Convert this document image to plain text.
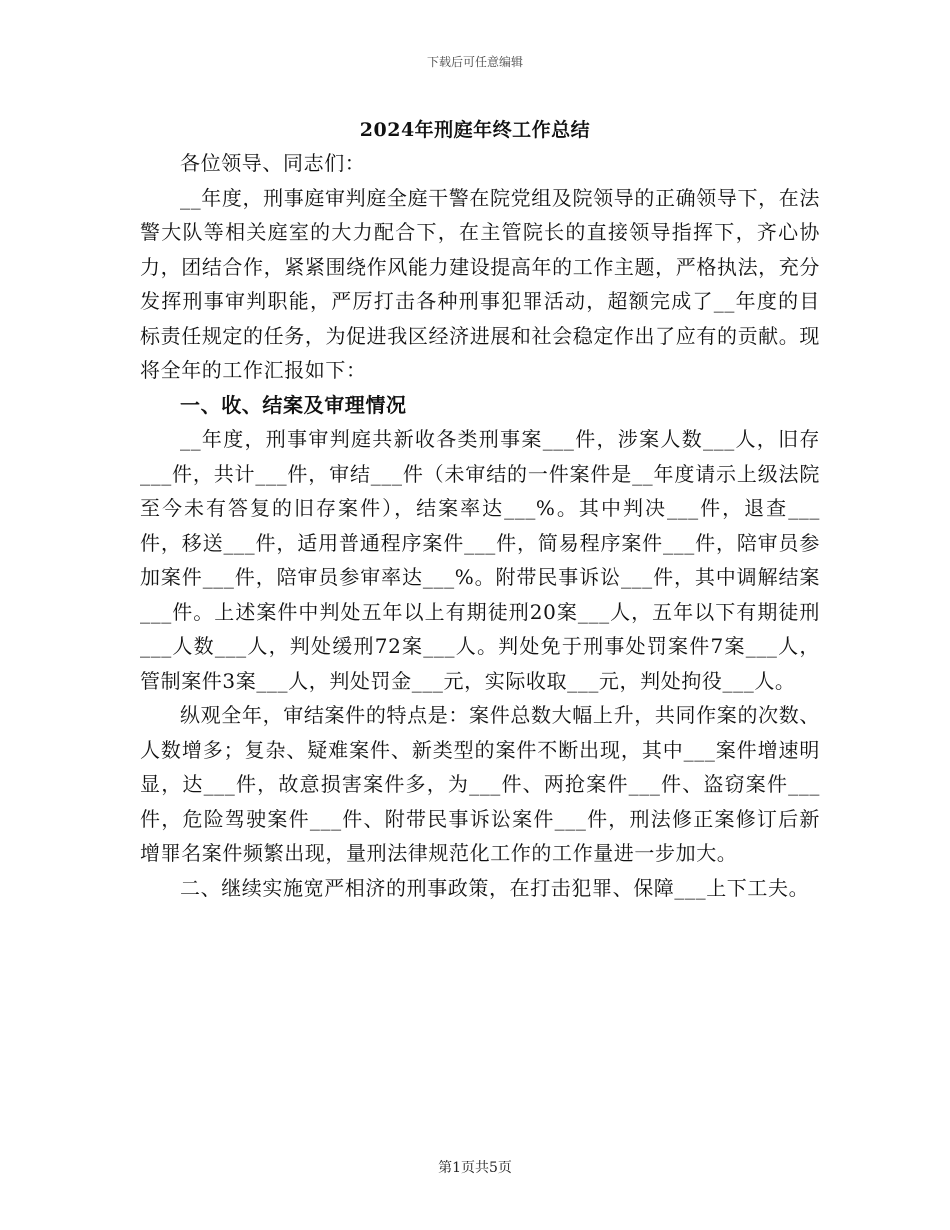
下载后可任意编辑
2024年刑庭年终工作总结

各位领导、同志们：

__年度，刑事庭审判庭全庭干警在院党组及院领导的正确领导下，在法警大队等相关庭室的大力配合下，在主管院长的直接领导指挥下，齐心协力，团结合作，紧紧围绕作风能力建设提高年的工作主题，严格执法，充分发挥刑事审判职能，严厉打击各种刑事犯罪活动，超额完成了__年度的目标责任规定的任务，为促进我区经济进展和社会稳定作出了应有的贡献。现将全年的工作汇报如下：

一、收、结案及审理情况

__年度，刑事审判庭共新收各类刑事案___件，涉案人数___人，旧存___件，共计___件，审结___件（未审结的一件案件是__年度请示上级法院至今未有答复的旧存案件），结案率达___%。其中判决___件，退查___件，移送___件，适用普通程序案件___件，简易程序案件___件，陪审员参加案件___件，陪审员参审率达___%。附带民事诉讼___件，其中调解结案___件。上述案件中判处五年以上有期徒刑20案___人，五年以下有期徒刑___人数___人，判处缓刑72案___人。判处免于刑事处罚案件7案___人，管制案件3案___人，判处罚金___元，实际收取___元，判处拘役___人。

纵观全年，审结案件的特点是：案件总数大幅上升，共同作案的次数、人数增多；复杂、疑难案件、新类型的案件不断出现，其中___案件增速明显，达___件，故意损害案件多，为___件、两抢案件___件、盗窃案件___件，危险驾驶案件___件、附带民事诉讼案件___件，刑法修正案修订后新增罪名案件频繁出现，量刑法律规范化工作的工作量进一步加大。

二、继续实施宽严相济的刑事政策，在打击犯罪、保障___上下工夫。

第1页共5页
